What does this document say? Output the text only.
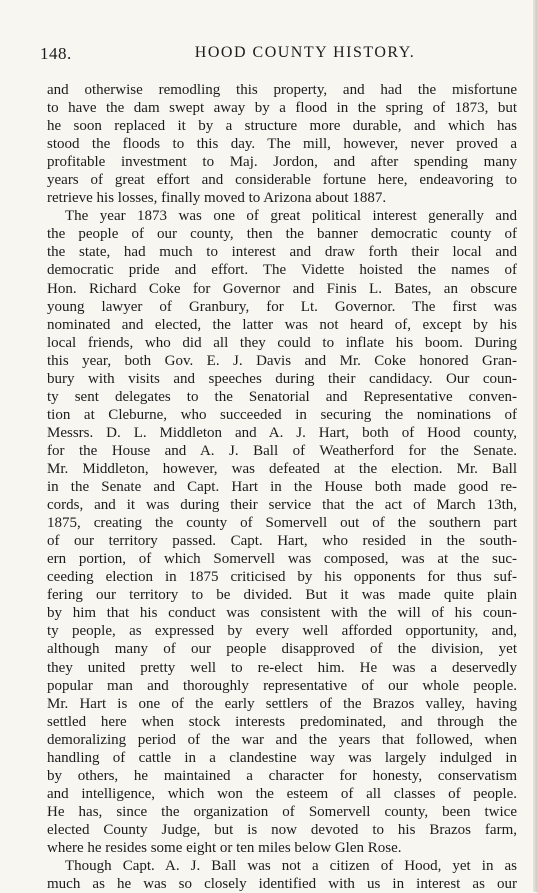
148.	HOOD COUNTY HISTORY.
and otherwise remodling this property, and had the misfortune
to have the dam swept away by a flood in the spring of 1873, but
he soon replaced it by a structure more durable, and which has
stood the floods to this day. The mill, however, never proved a
profitable investment to Maj. Jordon, and after spending many
years of great effort and considerable fortune here, endeavoring to
retrieve his losses, finally moved to Arizona about 1887.
The year 1873 was one of great political interest generally and
the people of our county, then the banner democratic county of
the state, had much to interest and draw forth their local and
democratic pride and effort. The Vidette hoisted the names of
Hon. Richard Coke for Governor and Finis L. Bates, an obscure
young lawyer of Granbury, for Lt. Governor. The first was
nominated and elected, the latter was not heard of, except by his
local friends, who did all they could to inflate his boom. During
this year, both Gov. E. J. Davis and Mr. Coke honored Gran-
bury with visits and speeches during their candidacy. Our coun-
ty sent delegates to the Senatorial and Representative conven-
tion at Cleburne, who succeeded in securing the nominations of
Messrs. D. L. Middleton and A. J. Hart, both of Hood county,
for the House and A. J. Ball of Weatherford for the Senate.
Mr. Middleton, however, was defeated at the election. Mr. Ball
in the Senate and Capt. Hart in the House both made good re-
cords, and it was during their service that the act of March 13th,
1875, creating the county of Somervell out of the southern part
of our territory passed. Capt. Hart, who resided in the south-
ern portion, of which Somervell was composed, was at the suc-
ceeding election in 1875 criticised by his opponents for thus suf-
fering our territory to be divided. But it was made quite plain
by him that his conduct was consistent with the will of his coun-
ty people, as expressed by every well afforded opportunity, and,
although many of our people disapproved of the division, yet
they united pretty well to re-elect him. He was a deservedly
popular man and thoroughly representative of our whole people.
Mr. Hart is one of the early settlers of the Brazos valley, having
settled here when stock interests predominated, and through the
demoralizing period of the war and the years that followed, when
handling of cattle in a clandestine way was largely indulged in
by others, he maintained a character for honesty, conservatism
and intelligence, which won the esteem of all classes of people.
He has, since the organization of Somervell county, been twice
elected County Judge, but is now devoted to his Brazos farm,
where he resides some eight or ten miles below Glen Rose.
Though Capt. A. J. Ball was not a citizen of Hood, yet in as
much as he was so closely identified with us in interest as our
